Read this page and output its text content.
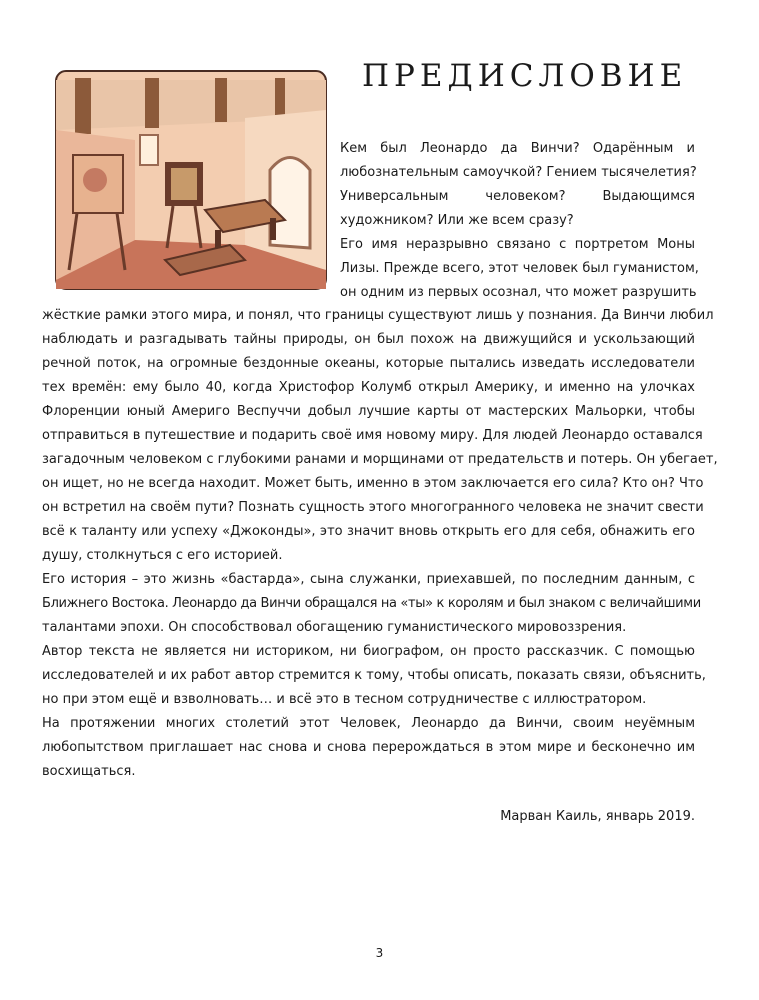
ПРЕДИСЛОВИЕ
Кем был Леонардо да Винчи? Одарённым и
любознательным самоучкой? Гением тысячелетия?
Универсальным человеком? Выдающимся
художником? Или же всем сразу?
Его имя неразрывно связано с портретом Моны
Лизы. Прежде всего, этот человек был гуманистом,
он одним из первых осознал, что может разрушить
жёсткие рамки этого мира, и понял, что границы существуют лишь у познания. Да Винчи любил
наблюдать и разгадывать тайны природы, он был похож на движущийся и ускользающий
речной поток, на огромные бездонные океаны, которые пытались изведать исследователи
тех времён: ему было 40, когда Христофор Колумб открыл Америку, и именно на улочках
Флоренции юный Америго Веспуччи добыл лучшие карты от мастерских Мальорки, чтобы
отправиться в путешествие и подарить своё имя новому миру. Для людей Леонардо оставался
загадочным человеком с глубокими ранами и морщинами от предательств и потерь. Он убегает,
он ищет, но не всегда находит. Может быть, именно в этом заключается его сила? Кто он? Что
он встретил на своём пути? Познать сущность этого многогранного человека не значит свести
всё к таланту или успеху «Джоконды», это значит вновь открыть его для себя, обнажить его
душу, столкнуться с его историей.
Его история – это жизнь «бастарда», сына служанки, приехавшей, по последним данным, с
Ближнего Востока. Леонардо да Винчи обращался на «ты» к королям и был знаком с величайшими
талантами эпохи. Он способствовал обогащению гуманистического мировоззрения.
Автор текста не является ни историком, ни биографом, он просто рассказчик. С помощью
исследователей и их работ автор стремится к тому, чтобы описать, показать связи, объяснить,
но при этом ещё и взволновать… и всё это в тесном сотрудничестве с иллюстратором.
На протяжении многих столетий этот Человек, Леонардо да Винчи, своим неуёмным
любопытством приглашает нас снова и снова перерождаться в этом мире и бесконечно им
восхищаться.
Марван Каиль, январь 2019.
3
